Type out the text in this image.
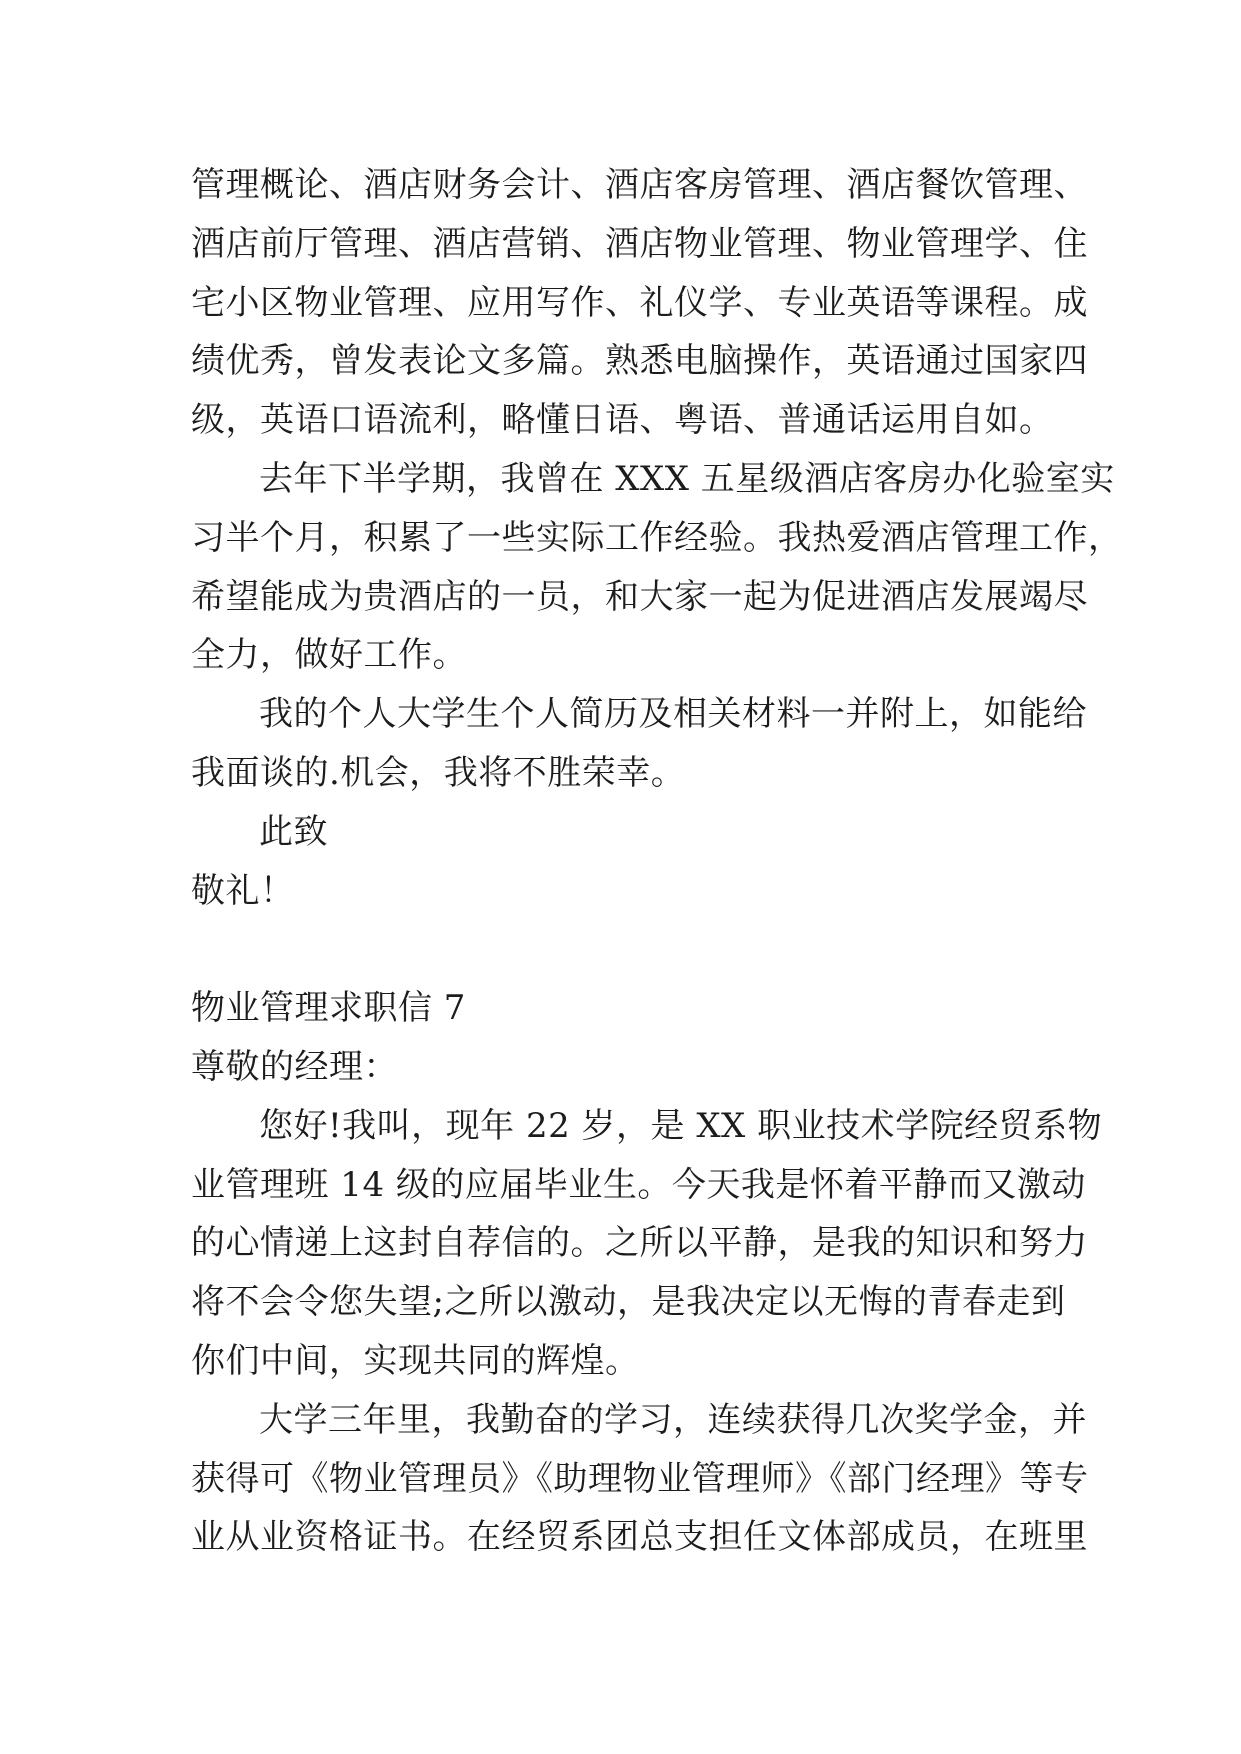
管理概论、酒店财务会计、酒店客房管理、酒店餐饮管理、
酒店前厅管理、酒店营销、酒店物业管理、物业管理学、住
宅小区物业管理、应用写作、礼仪学、专业英语等课程。成
绩优秀，曾发表论文多篇。熟悉电脑操作，英语通过国家四
级，英语口语流利，略懂日语、粤语、普通话运用自如。
去年下半学期，我曾在 XXX 五星级酒店客房办化验室实
习半个月，积累了一些实际工作经验。我热爱酒店管理工作，
希望能成为贵酒店的一员，和大家一起为促进酒店发展竭尽
全力，做好工作。
我的个人大学生个人简历及相关材料一并附上，如能给
我面谈的.机会，我将不胜荣幸。
此致
敬礼！
物业管理求职信 7
尊敬的经理：
您好!我叫，现年 22 岁，是 XX 职业技术学院经贸系物
业管理班 14 级的应届毕业生。今天我是怀着平静而又激动
的心情递上这封自荐信的。之所以平静，是我的知识和努力
将不会令您失望;之所以激动，是我决定以无悔的青春走到
你们中间，实现共同的辉煌。
大学三年里，我勤奋的学习，连续获得几次奖学金，并
获得可《物业管理员》《助理物业管理师》《部门经理》等专
业从业资格证书。在经贸系团总支担任文体部成员，在班里
